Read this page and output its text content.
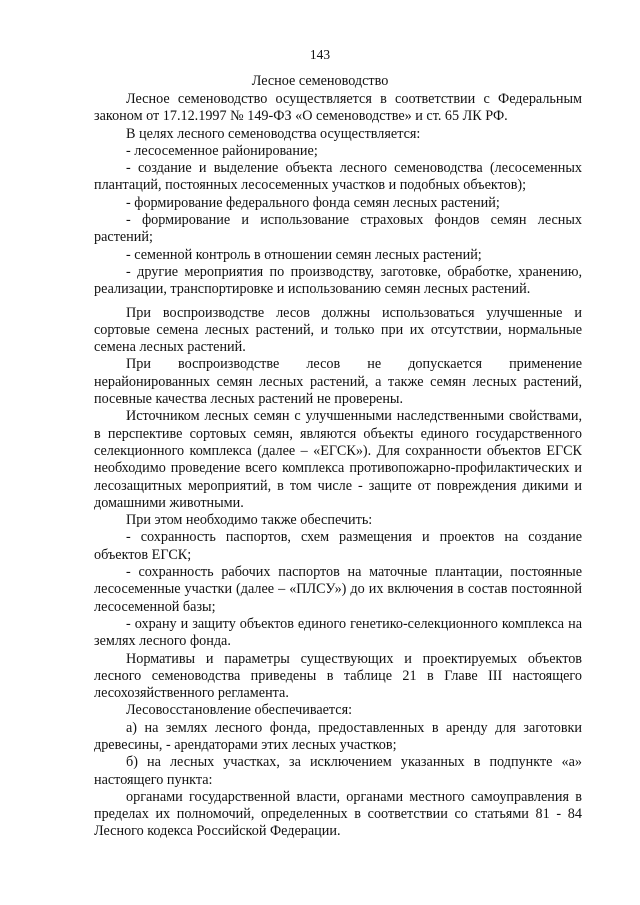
143
Лесное семеноводство

Лесное семеноводство осуществляется в соответствии с Федеральным законом от 17.12.1997 № 149-ФЗ «О семеноводстве» и ст. 65 ЛК РФ.

В целях лесного семеноводства осуществляется:

- лесосеменное районирование;

- создание и выделение объекта лесного семеноводства (лесосеменных плантаций, постоянных лесосеменных участков и подобных объектов);

- формирование федерального фонда семян лесных растений;

- формирование и использование страховых фондов семян лесных растений;

- семенной контроль в отношении семян лесных растений;

- другие мероприятия по производству, заготовке, обработке, хранению, реализации, транспортировке и использованию семян лесных растений.

При воспроизводстве лесов должны использоваться улучшенные и сортовые семена лесных растений, и только при их отсутствии, нормальные семена лесных растений.

При воспроизводстве лесов не допускается применение нерайонированных семян лесных растений, а также семян лесных растений, посевные качества лесных растений не проверены.

Источником лесных семян с улучшенными наследственными свойствами, в перспективе сортовых семян, являются объекты единого государственного селекционного комплекса (далее – «ЕГСК»). Для сохранности объектов ЕГСК необходимо проведение всего комплекса противопожарно-профилактических и лесозащитных мероприятий, в том числе - защите от повреждения дикими и домашними животными.

При этом необходимо также обеспечить:

- сохранность паспортов, схем размещения и проектов на создание объектов ЕГСК;

- сохранность рабочих паспортов на маточные плантации, постоянные лесосеменные участки (далее – «ПЛСУ») до их включения в состав постоянной лесосеменной базы;

- охрану и защиту объектов единого генетико-селекционного комплекса на землях лесного фонда.

Нормативы и параметры существующих и проектируемых объектов лесного семеноводства приведены в таблице 21 в Главе III настоящего лесохозяйственного регламента.

Лесовосстановление обеспечивается:

а) на землях лесного фонда, предоставленных в аренду для заготовки древесины, - арендаторами этих лесных участков;

б) на лесных участках, за исключением указанных в подпункте «а» настоящего пункта:

органами государственной власти, органами местного самоуправления в пределах их полномочий, определенных в соответствии со статьями 81 - 84 Лесного кодекса Российской Федерации.
